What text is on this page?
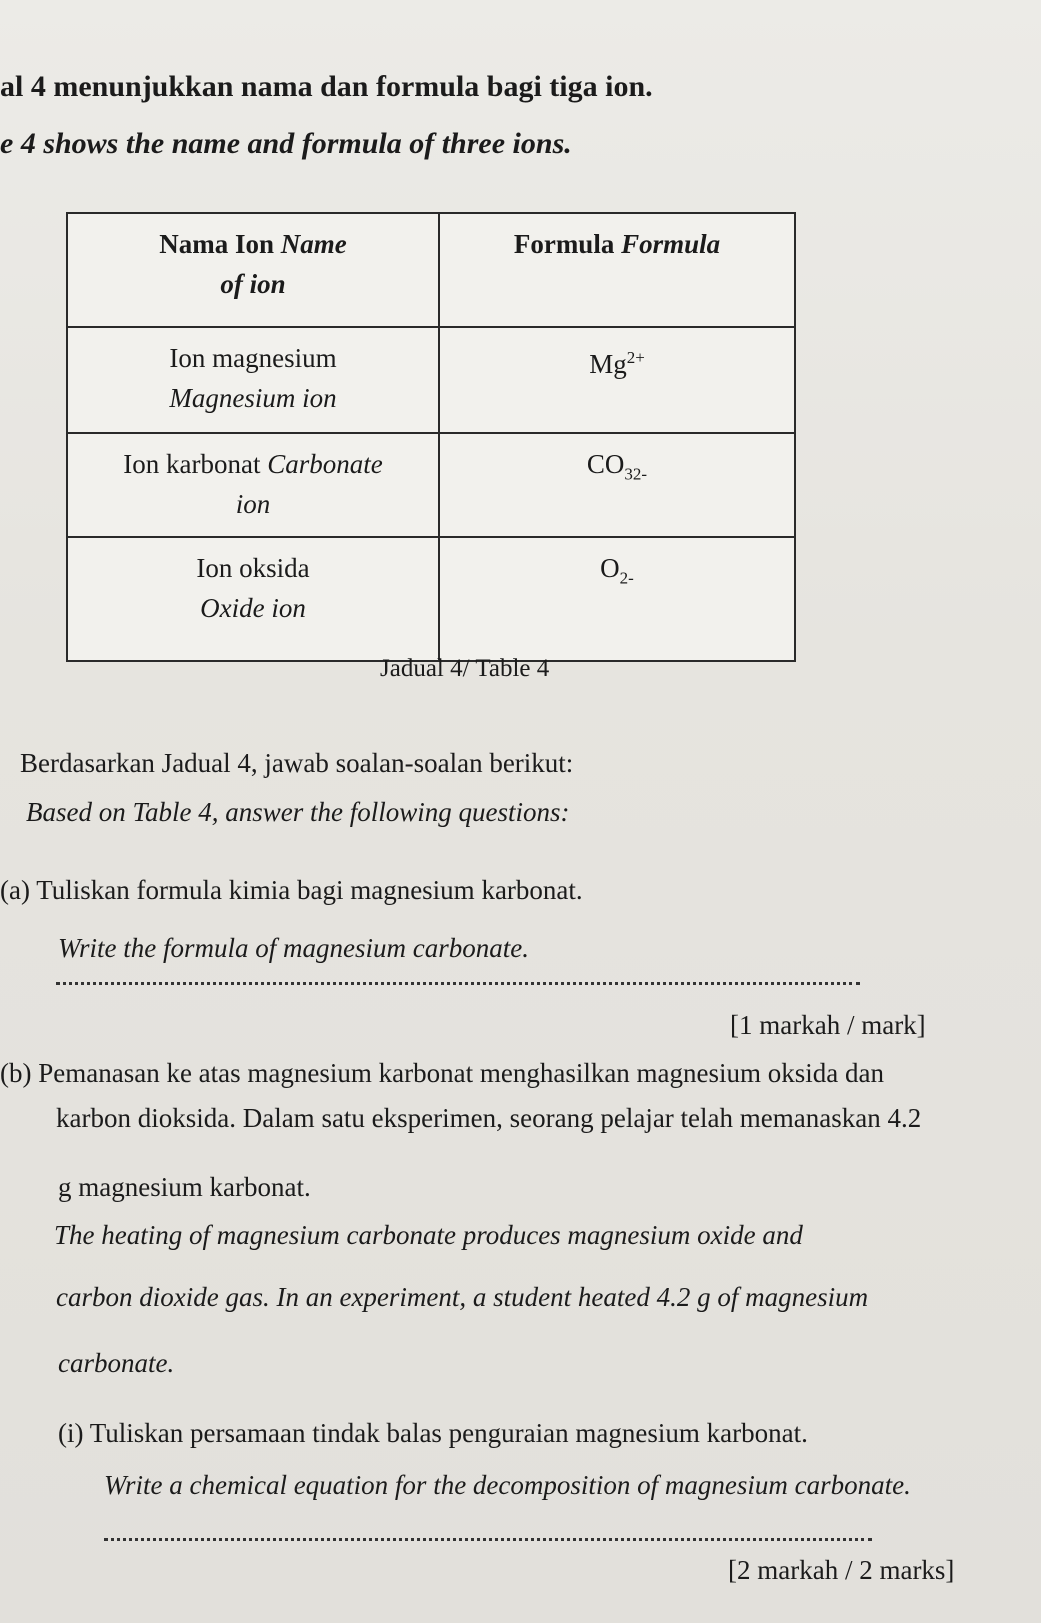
al 4 menunjukkan nama dan formula bagi tiga ion.
e 4 shows the name and formula of three ions.
Nama Ion Name
of ion	Formula Formula
Ion magnesium
Magnesium ion	$Mg^{2+}$
Ion karbonat Carbonate
ion	$CO_{32-}$
Ion oksida
Oxide ion	$O_{2-}$
Jadual 4/ Table 4
Berdasarkan Jadual 4, jawab soalan-soalan berikut:
Based on Table 4, answer the following questions:
(a) Tuliskan formula kimia bagi magnesium karbonat.
Write the formula of magnesium carbonate.
[1 markah / mark]
(b) Pemanasan ke atas magnesium karbonat menghasilkan magnesium oksida dan
karbon dioksida. Dalam satu eksperimen, seorang pelajar telah memanaskan 4.2
g magnesium karbonat.
The heating of magnesium carbonate produces magnesium oxide and
carbon dioxide gas. In an experiment, a student heated 4.2 g of magnesium
carbonate.
(i) Tuliskan persamaan tindak balas penguraian magnesium karbonat.
Write a chemical equation for the decomposition of magnesium carbonate.
[2 markah / 2 marks]
